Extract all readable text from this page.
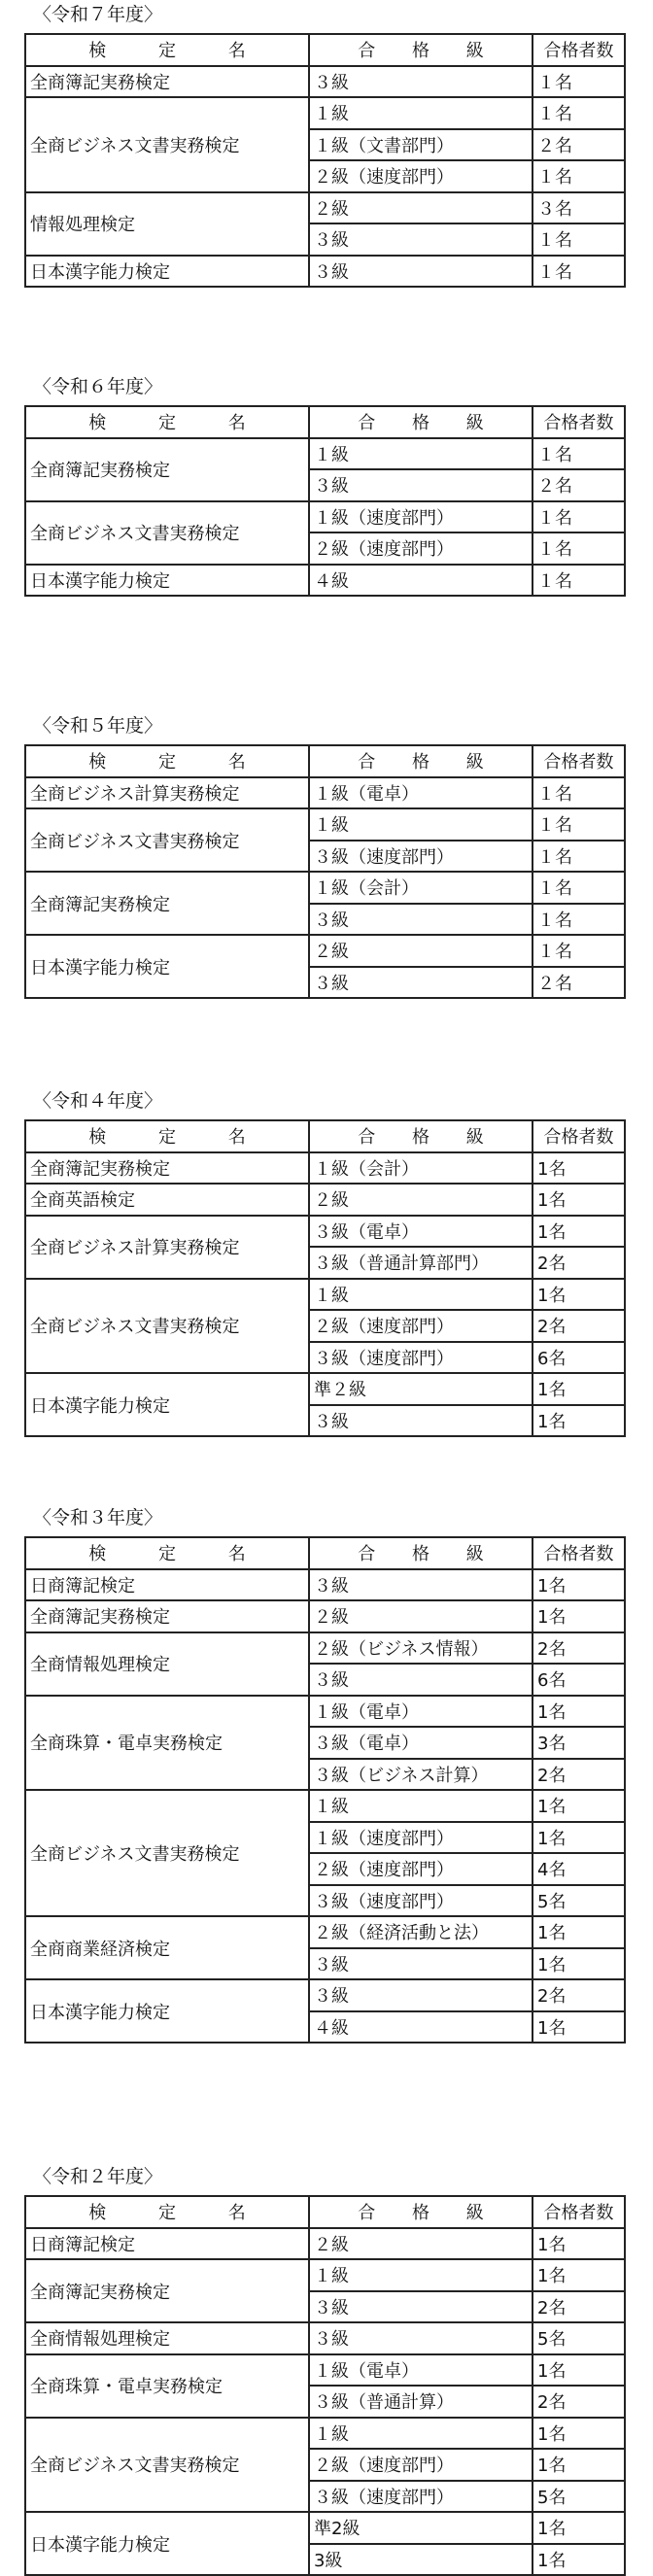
〈令和７年度〉
検 定 名	合 格 級	合格者数
全商簿記実務検定	３級	１名
全商ビジネス文書実務検定	１級	１名
	１級（文書部門）	２名
	２級（速度部門）	１名
情報処理検定	２級	３名
	３級	１名
日本漢字能力検定	３級	１名
〈令和６年度〉
検 定 名	合 格 級	合格者数
全商簿記実務検定	１級	１名
	３級	２名
全商ビジネス文書実務検定	１級（速度部門）	１名
	２級（速度部門）	１名
日本漢字能力検定	４級	１名
〈令和５年度〉
検 定 名	合 格 級	合格者数
全商ビジネス計算実務検定	１級（電卓）	１名
全商ビジネス文書実務検定	１級	１名
	３級（速度部門）	１名
全商簿記実務検定	１級（会計）	１名
	３級	１名
日本漢字能力検定	２級	１名
	３級	２名
〈令和４年度〉
検 定 名	合 格 級	合格者数
全商簿記実務検定	１級（会計）	1名
全商英語検定	２級	1名
全商ビジネス計算実務検定	３級（電卓）	1名
	３級（普通計算部門）	2名
全商ビジネス文書実務検定	１級	1名
	２級（速度部門）	2名
	３級（速度部門）	6名
日本漢字能力検定	準２級	1名
	３級	1名
〈令和３年度〉
検 定 名	合 格 級	合格者数
日商簿記検定	３級	1名
全商簿記実務検定	２級	1名
全商情報処理検定	２級（ビジネス情報）	2名
	３級	6名
全商珠算・電卓実務検定	１級（電卓）	1名
	３級（電卓）	3名
	３級（ビジネス計算）	2名
全商ビジネス文書実務検定	１級	1名
	１級（速度部門）	1名
	２級（速度部門）	4名
	３級（速度部門）	5名
全商商業経済検定	２級（経済活動と法）	1名
	３級	1名
日本漢字能力検定	３級	2名
	４級	1名
〈令和２年度〉
検 定 名	合 格 級	合格者数
日商簿記検定	２級	1名
全商簿記実務検定	１級	1名
	３級	2名
全商情報処理検定	３級	5名
全商珠算・電卓実務検定	１級（電卓）	1名
	３級（普通計算）	2名
全商ビジネス文書実務検定	１級	1名
	２級（速度部門）	1名
	３級（速度部門）	5名
日本漢字能力検定	準2級	1名
	3級	1名
